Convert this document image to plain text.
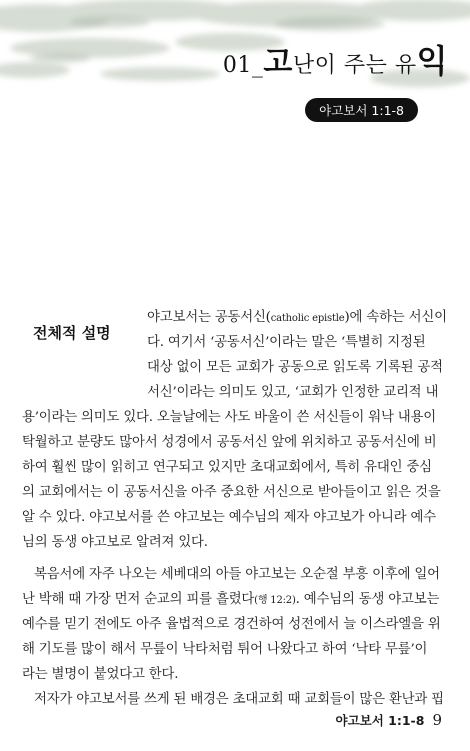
01_고난이 주는 유익
야고보서 1:1-8
전체적 설명
야고보서는 공동서신(catholic epistle)에 속하는 서신이
다. 여기서 ‘공동서신’이라는 말은 ‘특별히 지정된
대상 없이 모든 교회가 공동으로 읽도록 기록된 공적
서신’이라는 의미도 있고, ‘교회가 인정한 교리적 내
용’이라는 의미도 있다. 오늘날에는 사도 바울이 쓴 서신들이 워낙 내용이
탁월하고 분량도 많아서 성경에서 공동서신 앞에 위치하고 공동서신에 비
하여 훨씬 많이 읽히고 연구되고 있지만 초대교회에서, 특히 유대인 중심
의 교회에서는 이 공동서신을 아주 중요한 서신으로 받아들이고 읽은 것을
알 수 있다. 야고보서를 쓴 야고보는 예수님의 제자 야고보가 아니라 예수
님의 동생 야고보로 알려져 있다.
복음서에 자주 나오는 세베대의 아들 야고보는 오순절 부흥 이후에 일어
난 박해 때 가장 먼저 순교의 피를 흘렸다(행 12:2). 예수님의 동생 야고보는
예수를 믿기 전에도 아주 율법적으로 경건하여 성전에서 늘 이스라엘을 위
해 기도를 많이 해서 무릎이 낙타처럼 튀어 나왔다고 하여 ‘낙타 무릎’이
라는 별명이 붙었다고 한다.
저자가 야고보서를 쓰게 된 배경은 초대교회 때 교회들이 많은 환난과 핍
야고보서 1:1-8 9
